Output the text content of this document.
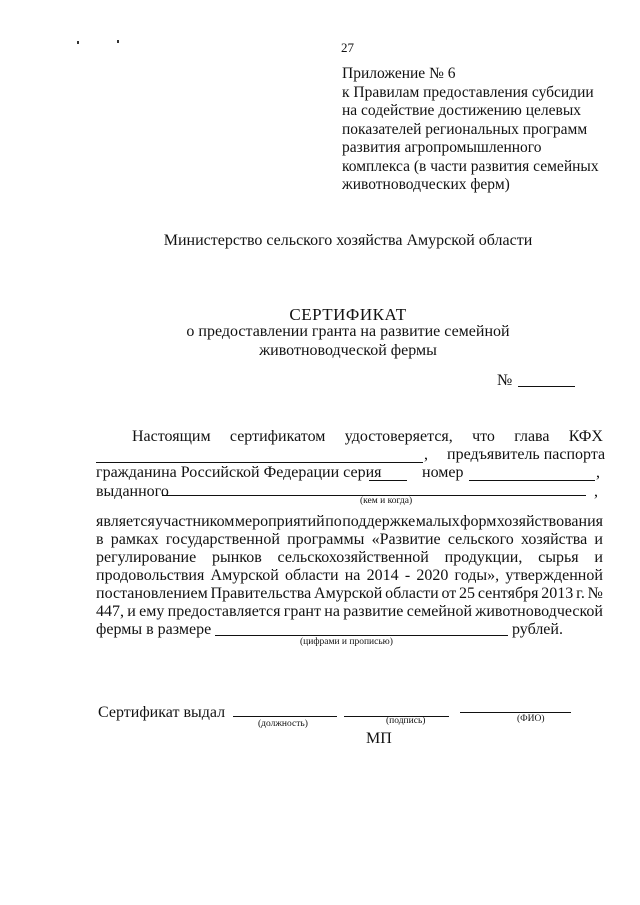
27
Приложение № 6
к Правилам предоставления субсидии
на содействие достижению целевых
показателей региональных программ
развития агропромышленного
комплекса (в части развития семейных
животноводческих ферм)
Министерство сельского хозяйства Амурской области
СЕРТИФИКАТ
о предоставлении гранта на развитие семейной
животноводческой фермы
№
Настоящим сертификатом удостоверяется, что глава КФХ
, предъявитель паспорта
гражданина Российской Федерации серия	номер	,
выданного	,
(кем и когда)
является участником мероприятий по поддержке малых форм хозяйствования
в рамках государственной программы «Развитие сельского хозяйства и
регулирование рынков сельскохозяйственной продукции, сырья и
продовольствия Амурской области на 2014 - 2020 годы», утвержденной
постановлением Правительства Амурской области от 25 сентября 2013 г. №
447, и ему предоставляется грант на развитие семейной животноводческой
фермы в размере	рублей.
(цифрами и прописью)
Сертификат выдал
(должность)	(подпись)	(ФИО)
МП
